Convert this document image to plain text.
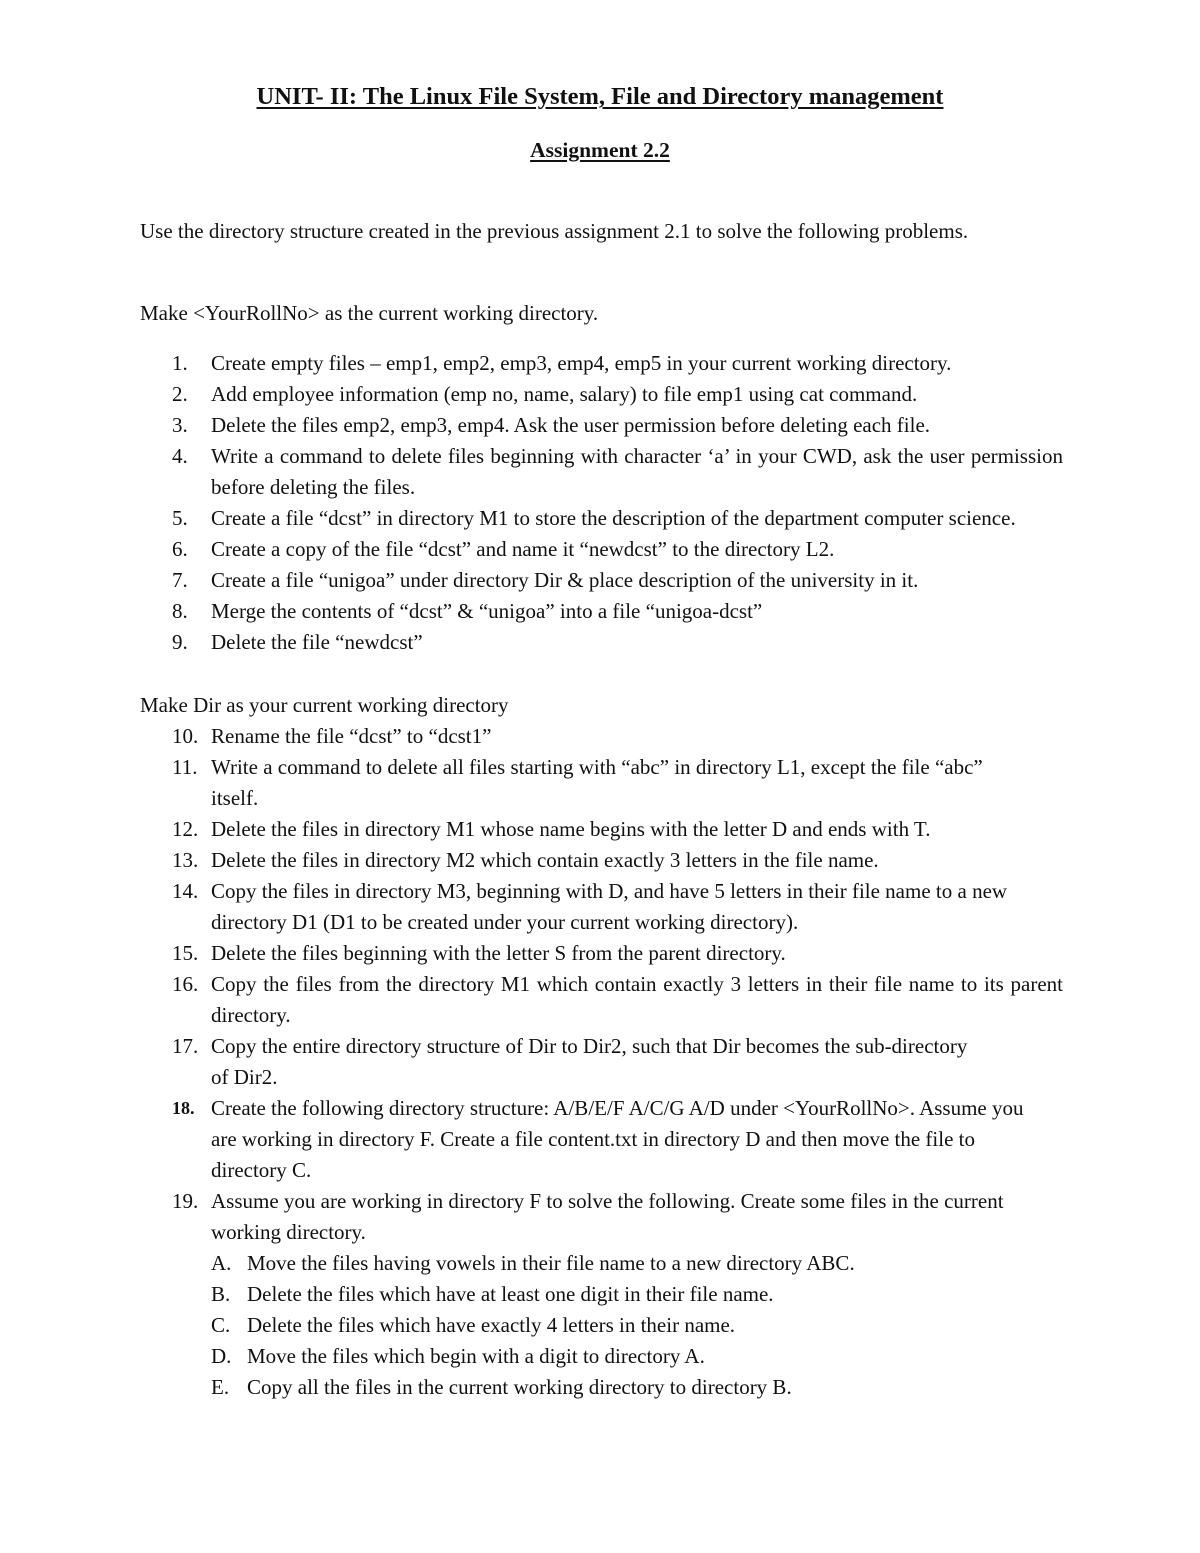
UNIT- II: The Linux File System, File and Directory management
Assignment 2.2
Use the directory structure created in the previous assignment 2.1 to solve the following problems.
Make <YourRollNo> as the current working directory.
1.	Create empty files – emp1, emp2, emp3, emp4, emp5 in your current working directory.
2.	Add employee information (emp no, name, salary) to file emp1 using cat command.
3.	Delete the files emp2, emp3, emp4. Ask the user permission before deleting each file.
4.	Write a command to delete files beginning with character ‘a’ in your CWD, ask the user permission before deleting the files.
5.	Create a file “dcst” in directory M1 to store the description of the department computer science.
6.	Create a copy of the file “dcst” and name it “newdcst” to the directory L2.
7.	Create a file “unigoa” under directory Dir & place description of the university in it.
8.	Merge the contents of “dcst” & “unigoa” into a file “unigoa-dcst”
9.	Delete the file “newdcst”
Make Dir as your current working directory
10. Rename the file “dcst” to “dcst1”
11. Write a command to delete all files starting with “abc” in directory L1, except the file “abc” itself.
12. Delete the files in directory M1 whose name begins with the letter D and ends with T.
13. Delete the files in directory M2 which contain exactly 3 letters in the file name.
14. Copy the files in directory M3, beginning with D, and have 5 letters in their file name to a new directory D1 (D1 to be created under your current working directory).
15. Delete the files beginning with the letter S from the parent directory.
16. Copy the files from the directory M1 which contain exactly 3 letters in their file name to its parent directory.
17. Copy the entire directory structure of Dir to Dir2, such that Dir becomes the sub-directory of Dir2.
18. Create the following directory structure: A/B/E/F A/C/G A/D under <YourRollNo>. Assume you are working in directory F. Create a file content.txt in directory D and then move the file to directory C.
19. Assume you are working in directory F to solve the following. Create some files in the current working directory.
A. Move the files having vowels in their file name to a new directory ABC.
B. Delete the files which have at least one digit in their file name.
C. Delete the files which have exactly 4 letters in their name.
D. Move the files which begin with a digit to directory A.
E. Copy all the files in the current working directory to directory B.
